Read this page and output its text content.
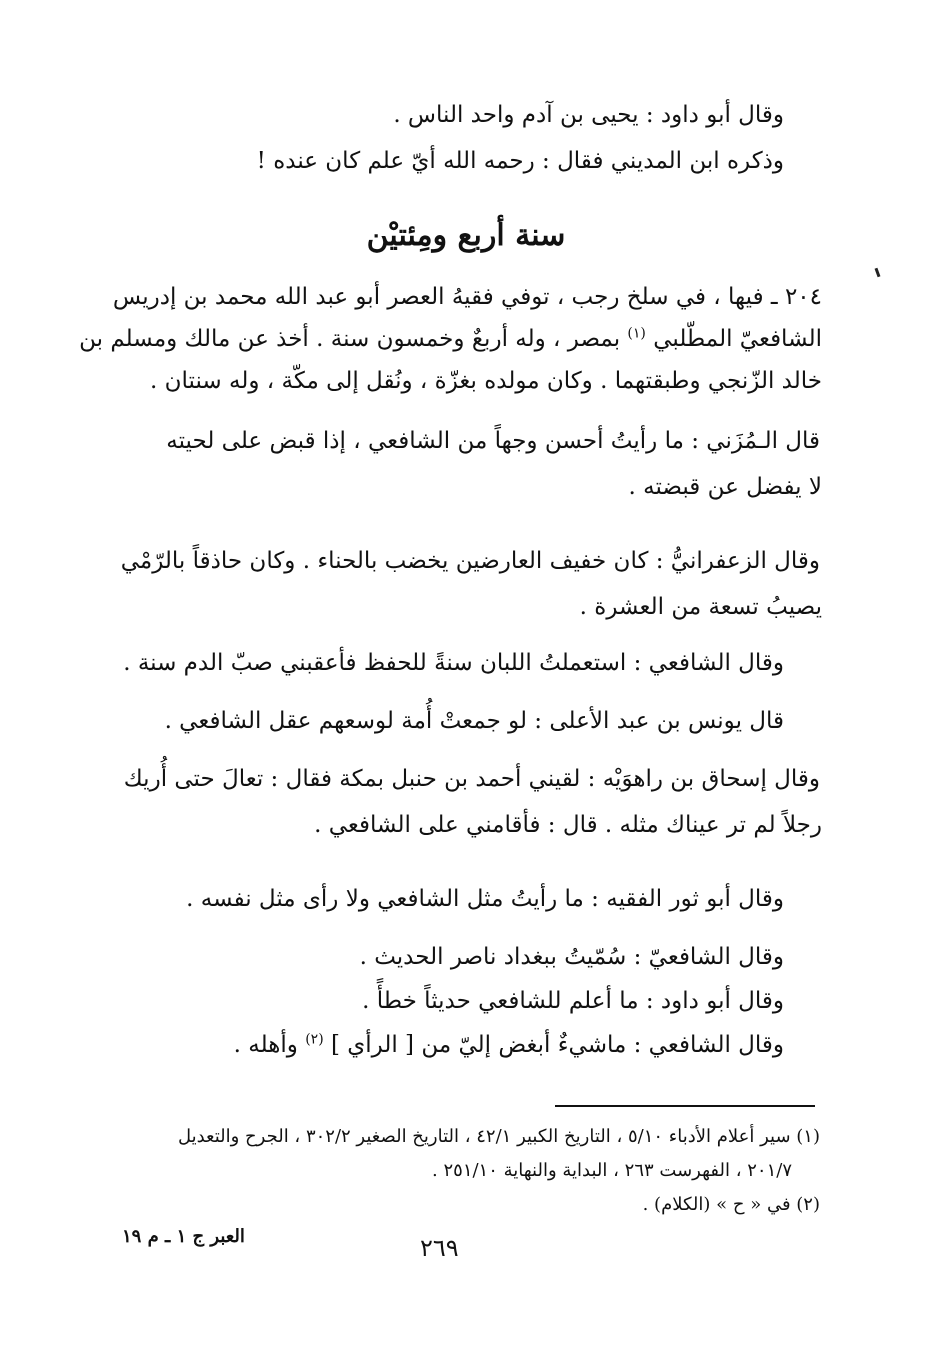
وقال أبو داود : يحيى بن آدم واحد الناس .
وذكره ابن المديني فقال : رحمه الله أيّ علم كان عنده !
سنة أربع ومِئتيْن
٢٠٤ ـ فيها ، في سلخ رجب ، توفي فقيهُ العصر أبو عبد الله محمد بن إدريس
الشافعيّ المطّلبي $^{(١)}$ بمصر ، وله أربعٌ وخمسون سنة . أخذ عن مالك ومسلم بن
خالد الزّنجي وطبقتهما . وكان مولده بغزّة ، ونُقل إلى مكّة ، وله سنتان .
قال الـمُزَني : ما رأيتُ أحسن وجهاً من الشافعي ، إذا قبض على لحيته
لا يفضل عن قبضته .
وقال الزعفرانيُّ : كان خفيف العارضين يخضب بالحناء . وكان حاذقاً بالرّمْي
يصيبُ تسعة من العشرة .
وقال الشافعي : استعملتُ اللبان سنةً للحفظ فأعقبني صبّ الدم سنة .
قال يونس بن عبد الأعلى : لو جمعتْ أُمة لوسعهم عقل الشافعي .
وقال إسحاق بن راهوَيْه : لقيني أحمد بن حنبل بمكة فقال : تعالَ حتى أُريك
رجلاً لم تر عيناك مثله . قال : فأقامني على الشافعي .
وقال أبو ثور الفقيه : ما رأيتُ مثل الشافعي ولا رأى مثل نفسه .
وقال الشافعيّ : سُمّيتُ ببغداد ناصر الحديث .
وقال أبو داود : ما أعلم للشافعي حديثاً خطأً .
وقال الشافعي : ماشيءٌ أبغض إليّ من [ الرأي ] $^{(٢)}$ وأهله .
(١) سير أعلام الأدباء ٥/١٠ ، التاريخ الكبير ٤٢/١ ، التاريخ الصغير ٣٠٢/٢ ، الجرح والتعديل
٢٠١/٧ ، الفهرست ٢٦٣ ، البداية والنهاية ٢٥١/١٠ .
(٢) في « ح » (الكلام) .
٢٦٩
العبر ج ١ ـ م ١٩
